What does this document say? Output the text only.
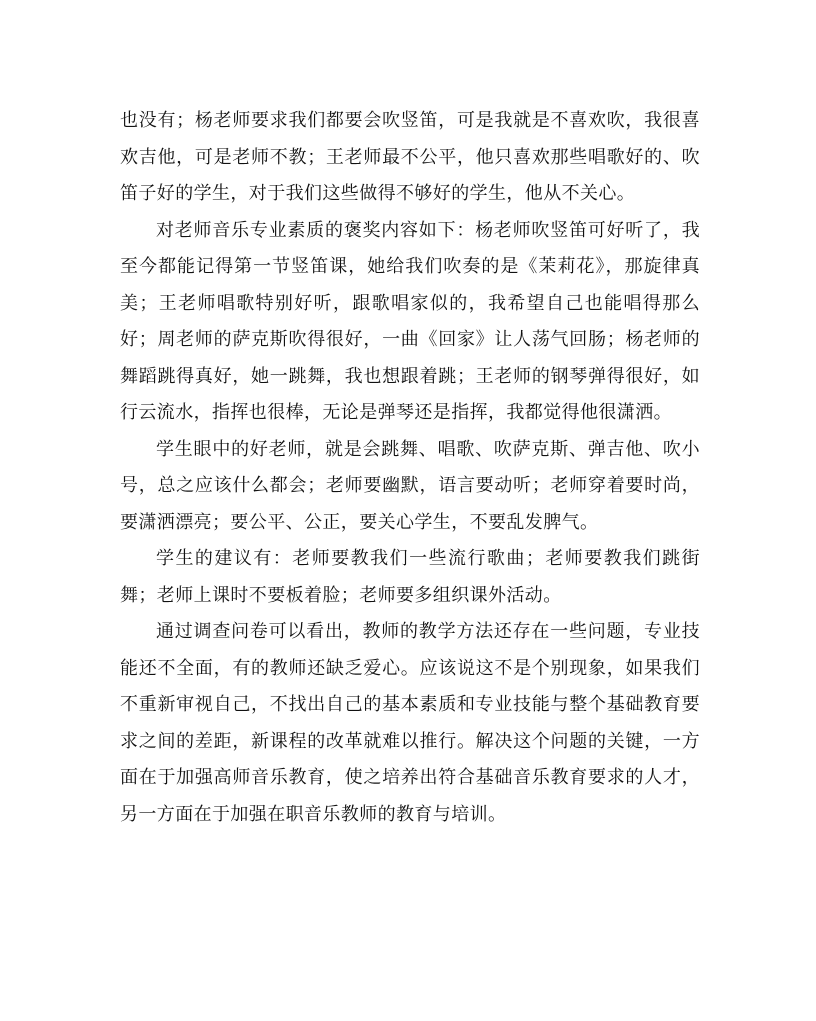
也没有；杨老师要求我们都要会吹竖笛，可是我就是不喜欢吹，我很喜欢吉他，可是老师不教；王老师最不公平，他只喜欢那些唱歌好的、吹笛子好的学生，对于我们这些做得不够好的学生，他从不关心。

对老师音乐专业素质的褒奖内容如下：杨老师吹竖笛可好听了，我至今都能记得第一节竖笛课，她给我们吹奏的是《茉莉花》，那旋律真美；王老师唱歌特别好听，跟歌唱家似的，我希望自己也能唱得那么好；周老师的萨克斯吹得很好，一曲《回家》让人荡气回肠；杨老师的舞蹈跳得真好，她一跳舞，我也想跟着跳；王老师的钢琴弹得很好，如行云流水，指挥也很棒，无论是弹琴还是指挥，我都觉得他很潇洒。

学生眼中的好老师，就是会跳舞、唱歌、吹萨克斯、弹吉他、吹小号，总之应该什么都会；老师要幽默，语言要动听；老师穿着要时尚，要潇洒漂亮；要公平、公正，要关心学生，不要乱发脾气。

学生的建议有：老师要教我们一些流行歌曲；老师要教我们跳街舞；老师上课时不要板着脸；老师要多组织课外活动。

通过调查问卷可以看出，教师的教学方法还存在一些问题，专业技能还不全面，有的教师还缺乏爱心。应该说这不是个别现象，如果我们不重新审视自己，不找出自己的基本素质和专业技能与整个基础教育要求之间的差距，新课程的改革就难以推行。解决这个问题的关键，一方面在于加强高师音乐教育，使之培养出符合基础音乐教育要求的人才，另一方面在于加强在职音乐教师的教育与培训。
